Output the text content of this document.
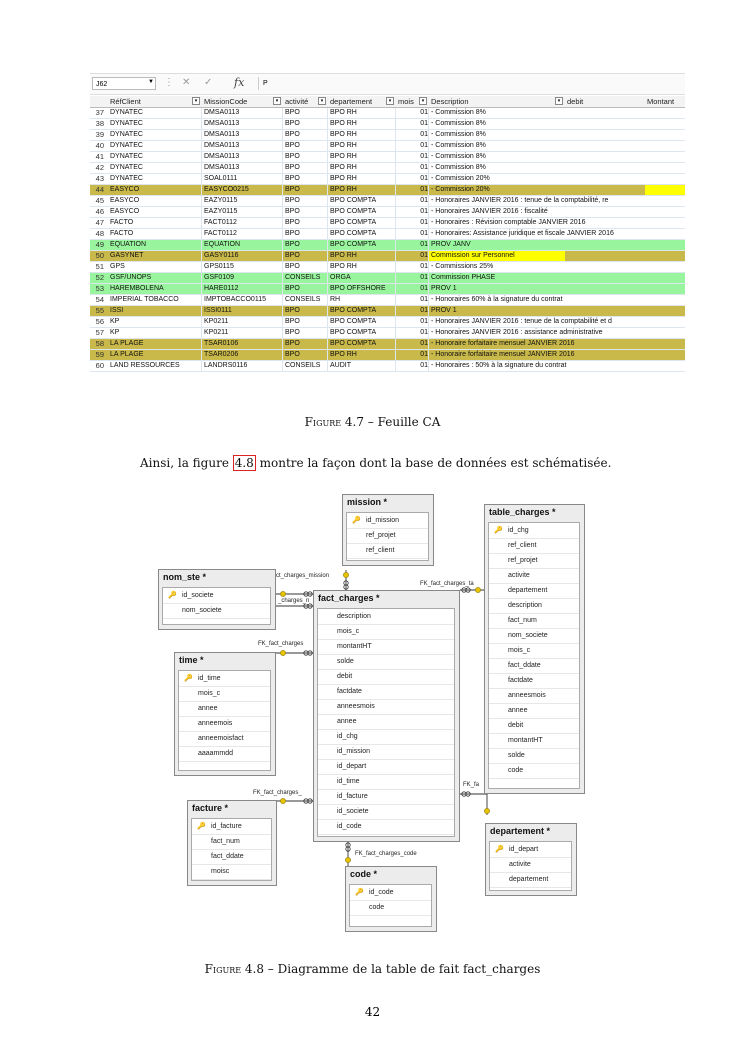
J62	▼ ⋮ ✕ ✓ fx	P
RéfClient	▾ MissionCode	▾ activité	▾ departement	▾ mois	▾ Description	▾ debit	Montant
37 DYNATEC	DMSA0113	BPO	BPO RH	01 - Commission 8%
38 DYNATEC	DMSA0113	BPO	BPO RH	01 - Commission 8%
39 DYNATEC	DMSA0113	BPO	BPO RH	01 - Commission 8%
40 DYNATEC	DMSA0113	BPO	BPO RH	01 - Commission 8%
41 DYNATEC	DMSA0113	BPO	BPO RH	01 - Commission 8%
42 DYNATEC	DMSA0113	BPO	BPO RH	01 - Commission 8%
43 DYNATEC	SOAL0111	BPO	BPO RH	01 - Commission 20%
44 EASYCO	EASYCO0215	BPO	BPO RH	01 - Commission 20%
45 EASYCO	EAZY0115	BPO	BPO COMPTA	01 - Honoraires JANVIER 2016 : tenue de la comptabilité, re
46 EASYCO	EAZY0115	BPO	BPO COMPTA	01 - Honoraires JANVIER 2016 : fiscalité
47 FACTO	FACT0112	BPO	BPO COMPTA	01 - Honoraires : Révision comptable JANVIER 2016
48 FACTO	FACT0112	BPO	BPO COMPTA	01 - Honoraires: Assistance juridique et fiscale JANVIER 2016
49 EQUATION	EQUATION	BPO	BPO COMPTA	01 PROV JANV
50 GASYNET	GASY0116	BPO	BPO RH	01 Commission sur Personnel
51 GPS	GPS0115	BPO	BPO RH	01 - Commissions 25%
52 GSF/UNOPS	GSF0109	CONSEILS	ORGA	01 Commission PHASE
53 HAREMBOLENA	HARE0112	BPO	BPO OFFSHORE	01 PROV 1
54 IMPERIAL TOBACCO	IMPTOBACCO0115	CONSEILS	RH	01 - Honoraires 60% à la signature du contrat
55 ISSI	ISSI0111	BPO	BPO COMPTA	01 PROV 1
56 KP	KP0211	BPO	BPO COMPTA	01 - Honoraires JANVIER 2016 : tenue de la comptabilité et d
57 KP	KP0211	BPO	BPO COMPTA	01 - Honoraires JANVIER 2016 : assistance administrative
58 LA PLAGE	TSAR0106	BPO	BPO COMPTA	01 - Honoraire forfaitaire mensuel JANVIER 2016
59 LA PLAGE	TSAR0206	BPO	BPO RH	01 - Honoraire forfaitaire mensuel JANVIER 2016
60 LAND RESSOURCES	LANDRS0116	CONSEILS	AUDIT	01 - Honoraires : 50% à la signature du contrat
Figure 4.7 – Feuille CA
Ainsi, la figure 4.8 montre la façon dont la base de données est schématisée.
ct_charges_mission
_charges_n
FK_fact_charges_ta
FK_fact_charges
FK_fact_charges_
FK_fa
FK_fact_charges_code
mission *
🔑 id_mission
ref_projet
ref_client
nom_ste *
🔑 id_societe
nom_societe
time *
🔑 id_time
mois_c
annee
anneemois
anneemoisfact
aaaammdd
facture *
🔑 id_facture
fact_num
fact_ddate
moisc
fact_charges *
description
mois_c
montantHT
solde
debit
factdate
anneesmois
annee
id_chg
id_mission
id_depart
id_time
id_facture
id_societe
id_code
table_charges *
🔑 id_chg
ref_client
ref_projet
activite
departement
description
fact_num
nom_societe
mois_c
fact_ddate
factdate
anneesmois
annee
debit
montantHT
solde
code
departement *
🔑 id_depart
activite
departement
code *
🔑 id_code
code
Figure 4.8 – Diagramme de la table de fait fact_charges
42
